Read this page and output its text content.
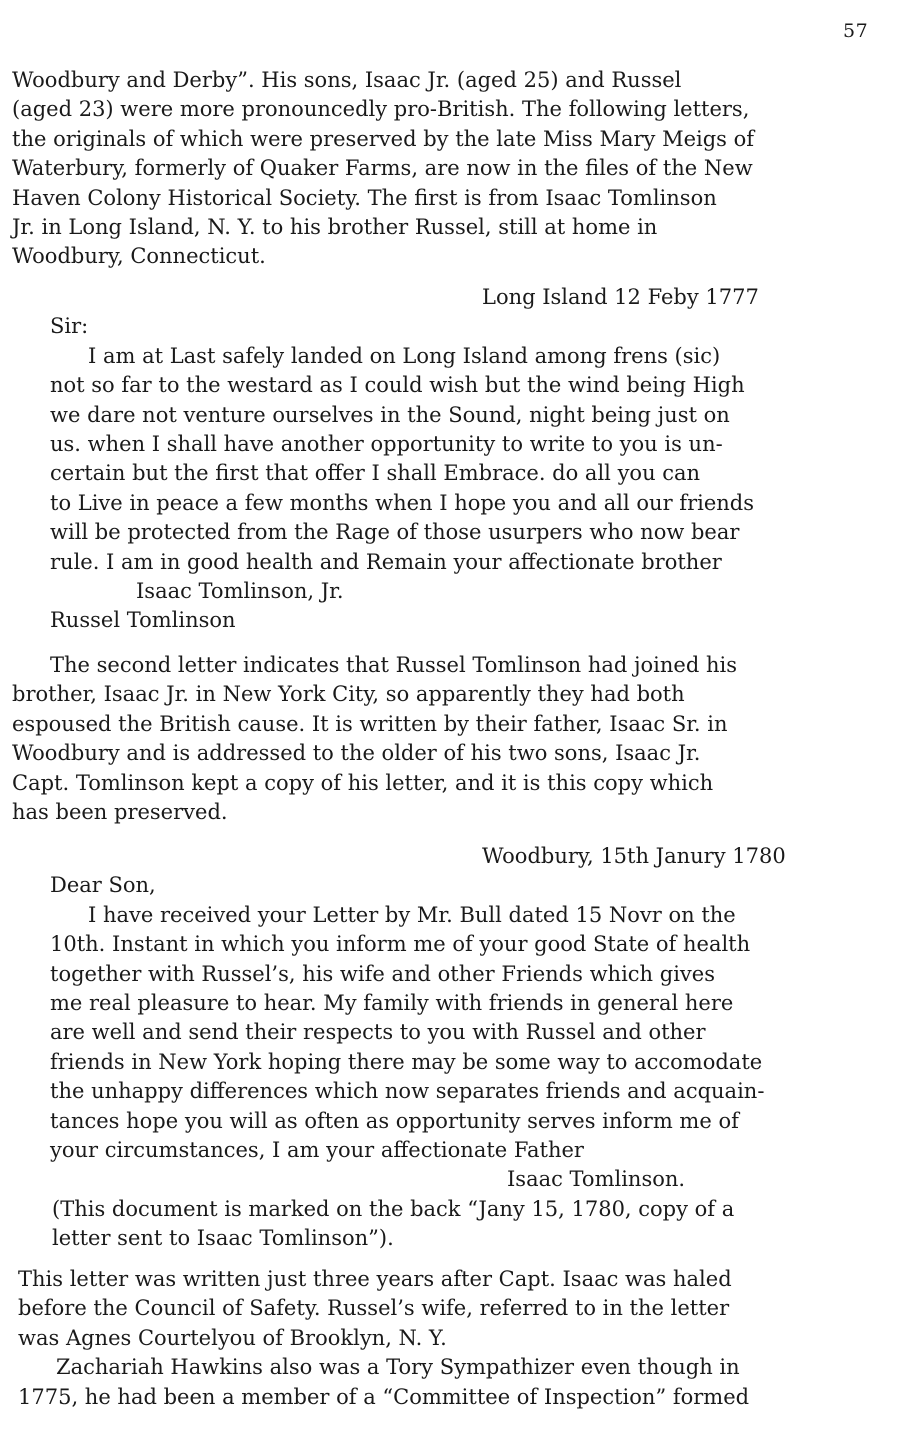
57
Woodbury and Derby”. His sons, Isaac Jr. (aged 25) and Russel
(aged 23) were more pronouncedly pro-British. The following letters,
the originals of which were preserved by the late Miss Mary Meigs of
Waterbury, formerly of Quaker Farms, are now in the files of the New
Haven Colony Historical Society. The first is from Isaac Tomlinson
Jr. in Long Island, N. Y. to his brother Russel, still at home in
Woodbury, Connecticut.
Long Island 12 Feby 1777
Sir:
I am at Last safely landed on Long Island among frens (sic)
not so far to the westard as I could wish but the wind being High
we dare not venture ourselves in the Sound, night being just on
us. when I shall have another opportunity to write to you is un-
certain but the first that offer I shall Embrace. do all you can
to Live in peace a few months when I hope you and all our friends
will be protected from the Rage of those usurpers who now bear
rule. I am in good health and Remain your affectionate brother
Isaac Tomlinson, Jr.
Russel Tomlinson
The second letter indicates that Russel Tomlinson had joined his
brother, Isaac Jr. in New York City, so apparently they had both
espoused the British cause. It is written by their father, Isaac Sr. in
Woodbury and is addressed to the older of his two sons, Isaac Jr.
Capt. Tomlinson kept a copy of his letter, and it is this copy which
has been preserved.
Woodbury, 15th Janury 1780
Dear Son,
I have received your Letter by Mr. Bull dated 15 Novr on the
10th. Instant in which you inform me of your good State of health
together with Russel’s, his wife and other Friends which gives
me real pleasure to hear. My family with friends in general here
are well and send their respects to you with Russel and other
friends in New York hoping there may be some way to accomodate
the unhappy differences which now separates friends and acquain-
tances hope you will as often as opportunity serves inform me of
your circumstances, I am your affectionate Father
Isaac Tomlinson.
(This document is marked on the back “Jany 15, 1780, copy of a
letter sent to Isaac Tomlinson”).
This letter was written just three years after Capt. Isaac was haled
before the Council of Safety. Russel’s wife, referred to in the letter
was Agnes Courtelyou of Brooklyn, N. Y.
Zachariah Hawkins also was a Tory Sympathizer even though in
1775, he had been a member of a “Committee of Inspection” formed
